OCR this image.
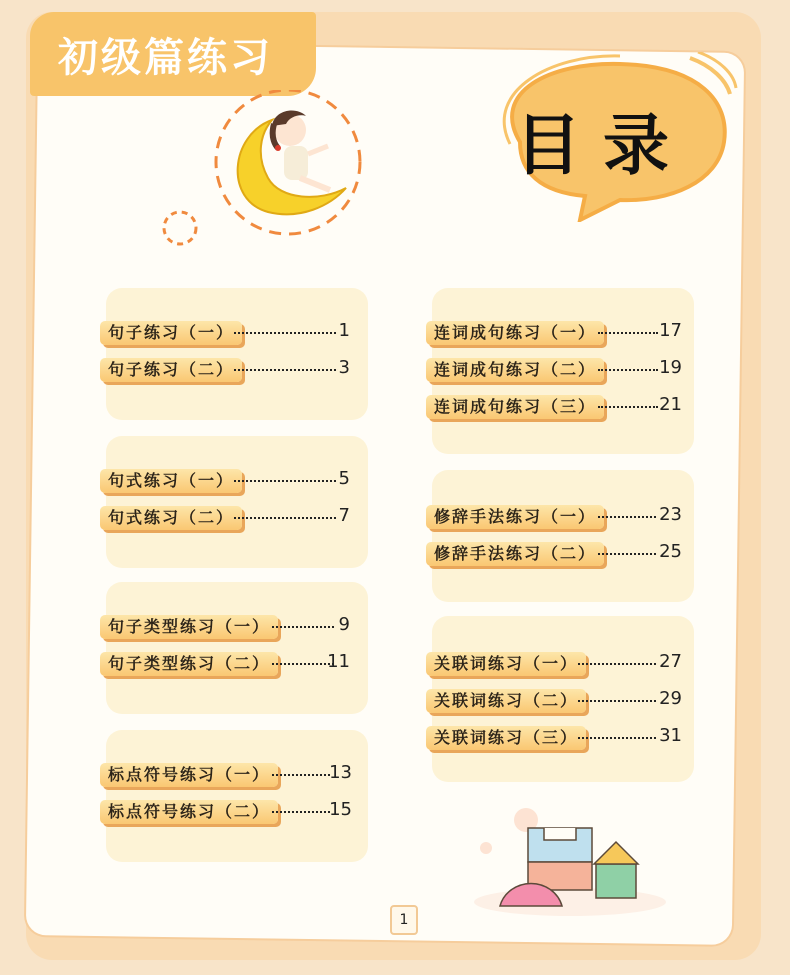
初级篇练习
目录
句子练习（一）	1
句子练习（二）	3
句式练习（一）	5
句式练习（二）	7
句子类型练习（一）	9
句子类型练习（二）	11
标点符号练习（一）	13
标点符号练习（二）	15
连词成句练习（一）	17
连词成句练习（二）	19
连词成句练习（三）	21
修辞手法练习（一）	23
修辞手法练习（二）	25
关联词练习（一）	27
关联词练习（二）	29
关联词练习（三）	31
1
